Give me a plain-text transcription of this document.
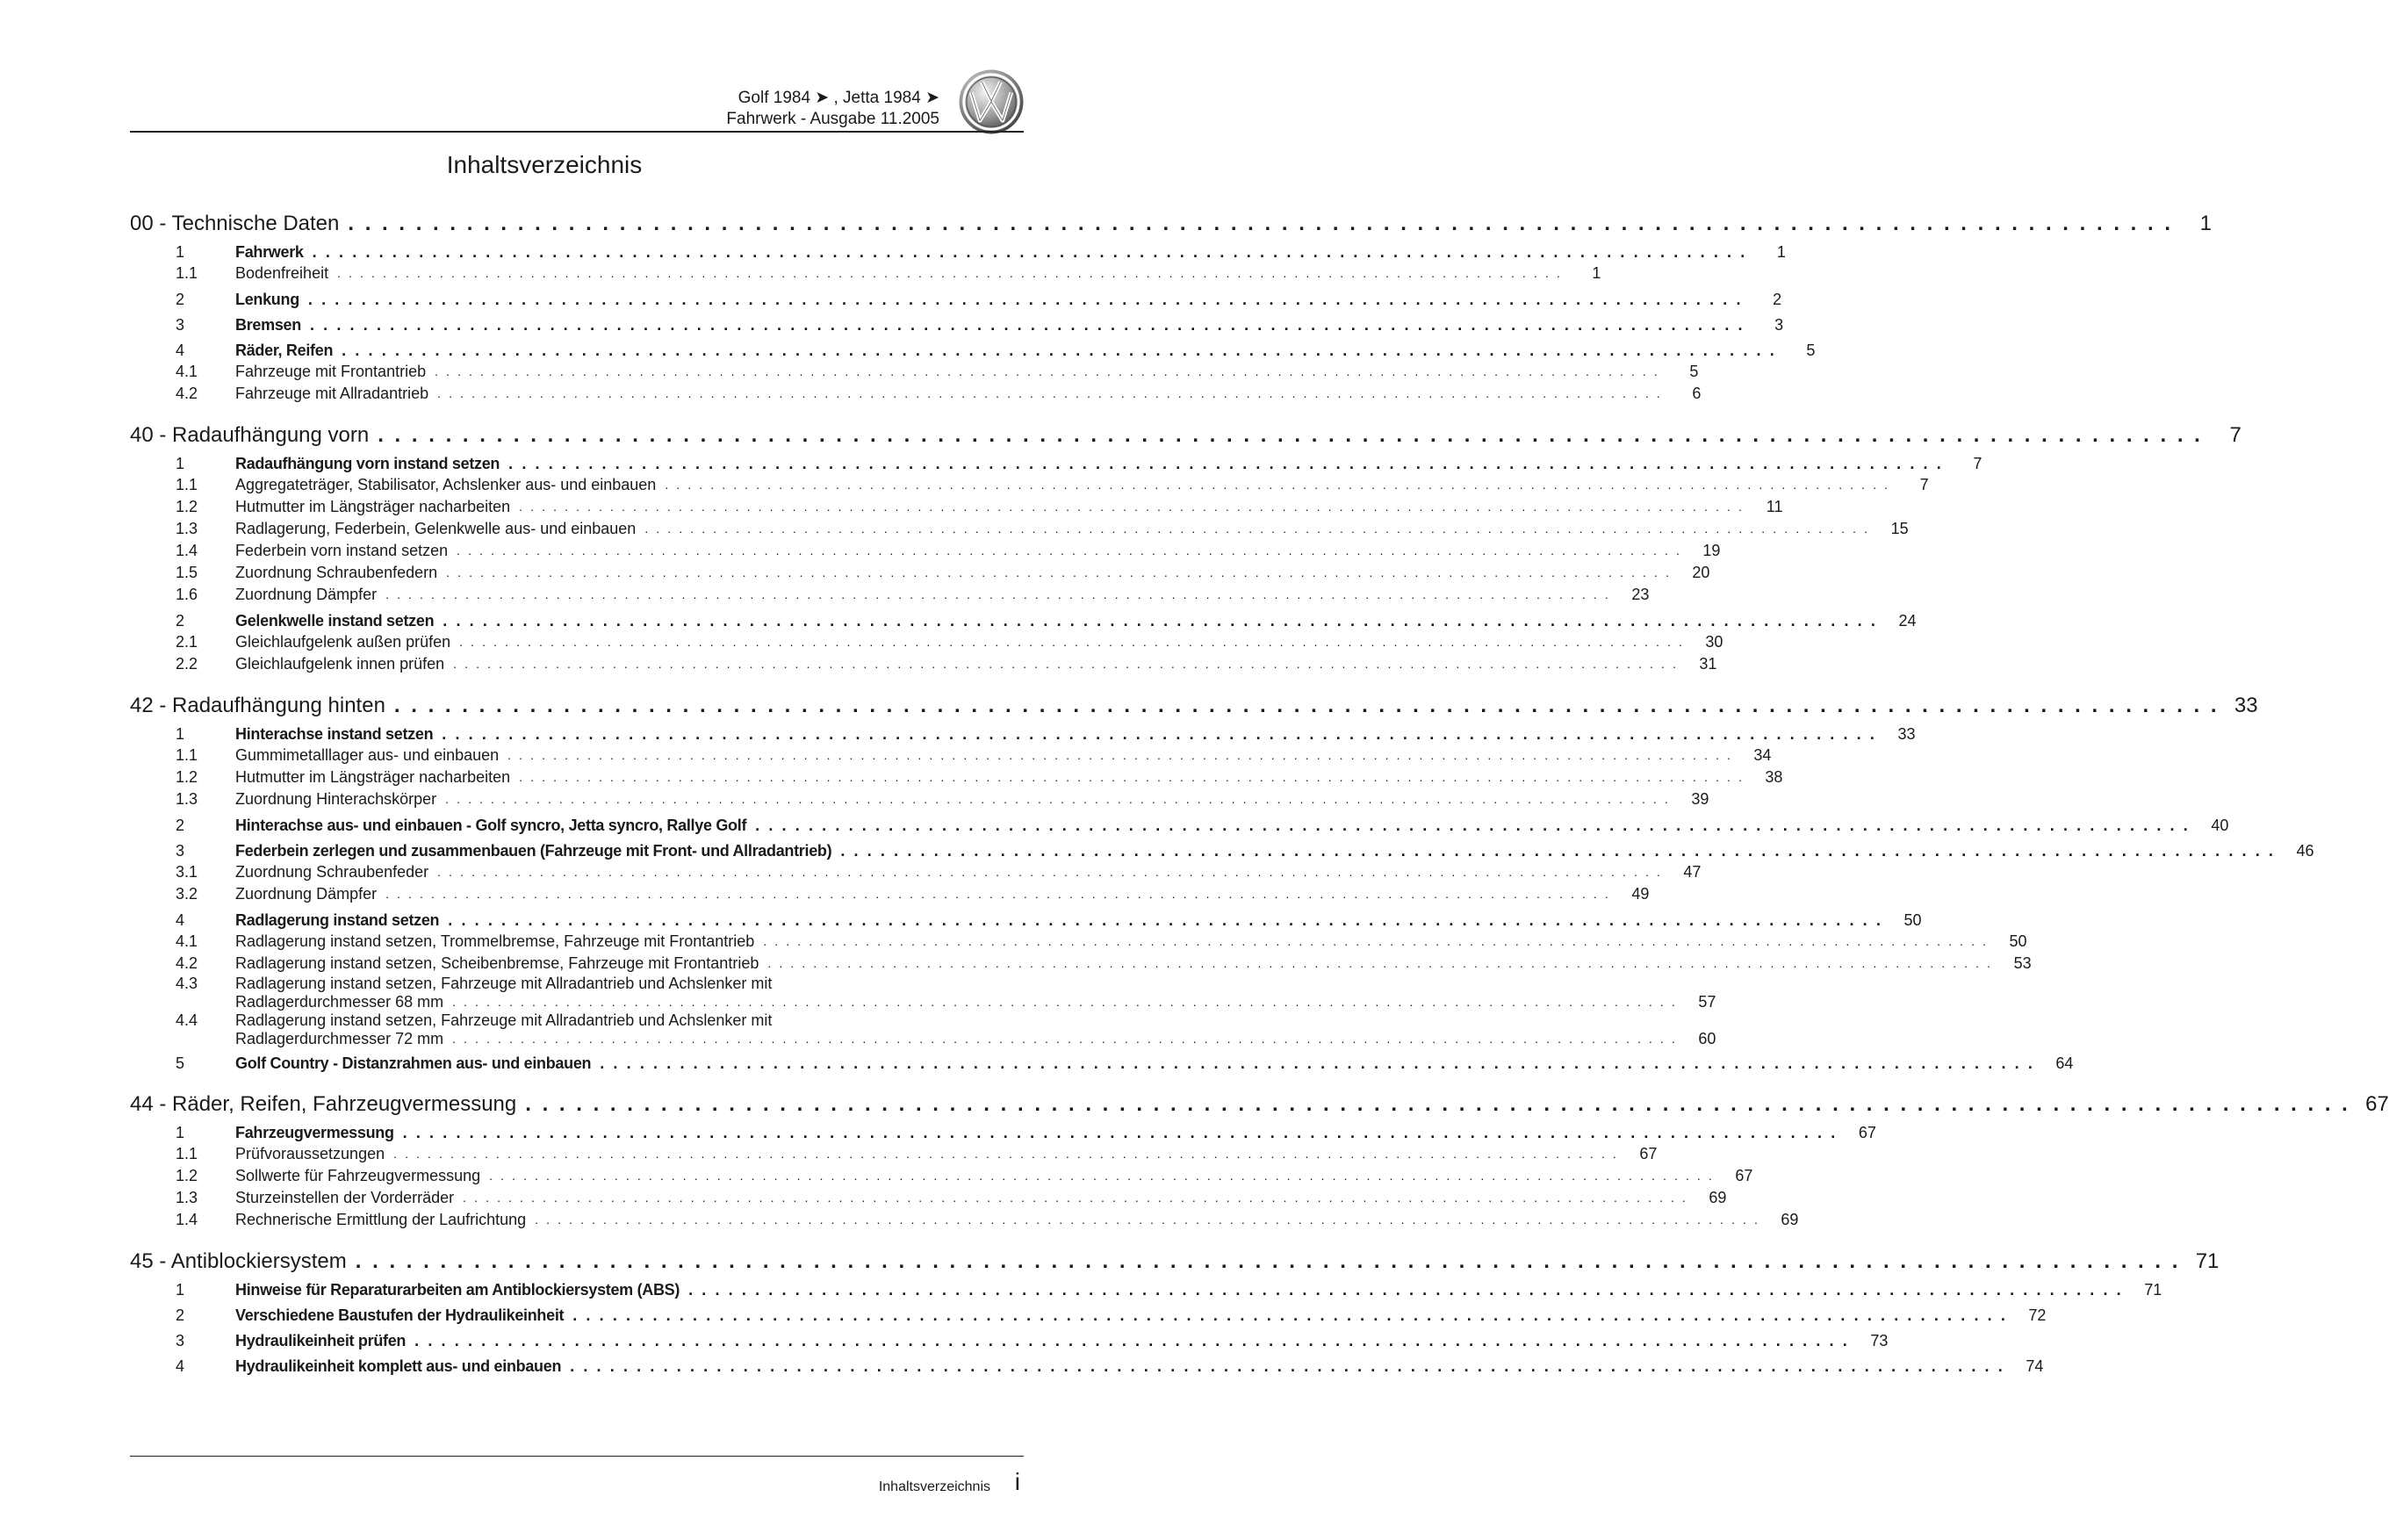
Golf 1984 ➤ , Jetta 1984 ➤
Fahrwerk - Ausgabe 11.2005
Inhaltsverzeichnis
00 - Technische Daten . . . . . . . . . . . . . . . . . . . . . . . . . . . . . . . . . . . . . . . . . . . . . . . . . . . . . . . . . . . . . . . . . . . . . . . . . . . . . . . . . . . . . . . . . . . . . . . . . . . . . . . . . . . .	1
1	Fahrwerk . . . . . . . . . . . . . . . . . . . . . . . . . . . . . . . . . . . . . . . . . . . . . . . . . . . . . . . . . . . . . . . . . . . . . . . . . . . . . . . . . . . . . . . . . . . . . . . . . . . . . . . . . . . .	1
1.1	Bodenfreiheit . . . . . . . . . . . . . . . . . . . . . . . . . . . . . . . . . . . . . . . . . . . . . . . . . . . . . . . . . . . . . . . . . . . . . . . . . . . . . . . . . . . . . . . . . . . . . . . . . . . . . . . . . . . .	1
2	Lenkung . . . . . . . . . . . . . . . . . . . . . . . . . . . . . . . . . . . . . . . . . . . . . . . . . . . . . . . . . . . . . . . . . . . . . . . . . . . . . . . . . . . . . . . . . . . . . . . . . . . . . . . . . . . .	2
3	Bremsen . . . . . . . . . . . . . . . . . . . . . . . . . . . . . . . . . . . . . . . . . . . . . . . . . . . . . . . . . . . . . . . . . . . . . . . . . . . . . . . . . . . . . . . . . . . . . . . . . . . . . . . . . . . .	3
4	Räder, Reifen . . . . . . . . . . . . . . . . . . . . . . . . . . . . . . . . . . . . . . . . . . . . . . . . . . . . . . . . . . . . . . . . . . . . . . . . . . . . . . . . . . . . . . . . . . . . . . . . . . . . . . . . . . . .	5
4.1	Fahrzeuge mit Frontantrieb . . . . . . . . . . . . . . . . . . . . . . . . . . . . . . . . . . . . . . . . . . . . . . . . . . . . . . . . . . . . . . . . . . . . . . . . . . . . . . . . . . . . . . . . . . . . . . . . . . . . . . . . . . . .	5
4.2	Fahrzeuge mit Allradantrieb . . . . . . . . . . . . . . . . . . . . . . . . . . . . . . . . . . . . . . . . . . . . . . . . . . . . . . . . . . . . . . . . . . . . . . . . . . . . . . . . . . . . . . . . . . . . . . . . . . . . . . . . . . . .	6
40 - Radaufhängung vorn . . . . . . . . . . . . . . . . . . . . . . . . . . . . . . . . . . . . . . . . . . . . . . . . . . . . . . . . . . . . . . . . . . . . . . . . . . . . . . . . . . . . . . . . . . . . . . . . . . . . . . . . . . . .	7
1	Radaufhängung vorn instand setzen . . . . . . . . . . . . . . . . . . . . . . . . . . . . . . . . . . . . . . . . . . . . . . . . . . . . . . . . . . . . . . . . . . . . . . . . . . . . . . . . . . . . . . . . . . . . . . . . . . . . . . . . . . . .	7
1.1	Aggregateträger, Stabilisator, Achslenker aus- und einbauen . . . . . . . . . . . . . . . . . . . . . . . . . . . . . . . . . . . . . . . . . . . . . . . . . . . . . . . . . . . . . . . . . . . . . . . . . . . . . . . . . . . . . . . . . . . . . . . . . . . . . . . . . . . .	7
1.2	Hutmutter im Längsträger nacharbeiten . . . . . . . . . . . . . . . . . . . . . . . . . . . . . . . . . . . . . . . . . . . . . . . . . . . . . . . . . . . . . . . . . . . . . . . . . . . . . . . . . . . . . . . . . . . . . . . . . . . . . . . . . . . .	11
1.3	Radlagerung, Federbein, Gelenkwelle aus- und einbauen . . . . . . . . . . . . . . . . . . . . . . . . . . . . . . . . . . . . . . . . . . . . . . . . . . . . . . . . . . . . . . . . . . . . . . . . . . . . . . . . . . . . . . . . . . . . . . . . . . . . . . . . . . . .	15
1.4	Federbein vorn instand setzen . . . . . . . . . . . . . . . . . . . . . . . . . . . . . . . . . . . . . . . . . . . . . . . . . . . . . . . . . . . . . . . . . . . . . . . . . . . . . . . . . . . . . . . . . . . . . . . . . . . . . . . . . . . .	19
1.5	Zuordnung Schraubenfedern . . . . . . . . . . . . . . . . . . . . . . . . . . . . . . . . . . . . . . . . . . . . . . . . . . . . . . . . . . . . . . . . . . . . . . . . . . . . . . . . . . . . . . . . . . . . . . . . . . . . . . . . . . . .	20
1.6	Zuordnung Dämpfer . . . . . . . . . . . . . . . . . . . . . . . . . . . . . . . . . . . . . . . . . . . . . . . . . . . . . . . . . . . . . . . . . . . . . . . . . . . . . . . . . . . . . . . . . . . . . . . . . . . . . . . . . . . .	23
2	Gelenkwelle instand setzen . . . . . . . . . . . . . . . . . . . . . . . . . . . . . . . . . . . . . . . . . . . . . . . . . . . . . . . . . . . . . . . . . . . . . . . . . . . . . . . . . . . . . . . . . . . . . . . . . . . . . . . . . . . .	24
2.1	Gleichlaufgelenk außen prüfen . . . . . . . . . . . . . . . . . . . . . . . . . . . . . . . . . . . . . . . . . . . . . . . . . . . . . . . . . . . . . . . . . . . . . . . . . . . . . . . . . . . . . . . . . . . . . . . . . . . . . . . . . . . .	30
2.2	Gleichlaufgelenk innen prüfen . . . . . . . . . . . . . . . . . . . . . . . . . . . . . . . . . . . . . . . . . . . . . . . . . . . . . . . . . . . . . . . . . . . . . . . . . . . . . . . . . . . . . . . . . . . . . . . . . . . . . . . . . . . .	31
42 - Radaufhängung hinten . . . . . . . . . . . . . . . . . . . . . . . . . . . . . . . . . . . . . . . . . . . . . . . . . . . . . . . . . . . . . . . . . . . . . . . . . . . . . . . . . . . . . . . . . . . . . . . . . . . . . . . . . . . . 33
1	Hinterachse instand setzen . . . . . . . . . . . . . . . . . . . . . . . . . . . . . . . . . . . . . . . . . . . . . . . . . . . . . . . . . . . . . . . . . . . . . . . . . . . . . . . . . . . . . . . . . . . . . . . . . . . . . . . . . . . .	33
1.1	Gummimetalllager aus- und einbauen . . . . . . . . . . . . . . . . . . . . . . . . . . . . . . . . . . . . . . . . . . . . . . . . . . . . . . . . . . . . . . . . . . . . . . . . . . . . . . . . . . . . . . . . . . . . . . . . . . . . . . . . . . . .	34
1.2	Hutmutter im Längsträger nacharbeiten . . . . . . . . . . . . . . . . . . . . . . . . . . . . . . . . . . . . . . . . . . . . . . . . . . . . . . . . . . . . . . . . . . . . . . . . . . . . . . . . . . . . . . . . . . . . . . . . . . . . . . . . . . . .	38
1.3	Zuordnung Hinterachskörper . . . . . . . . . . . . . . . . . . . . . . . . . . . . . . . . . . . . . . . . . . . . . . . . . . . . . . . . . . . . . . . . . . . . . . . . . . . . . . . . . . . . . . . . . . . . . . . . . . . . . . . . . . . .	39
2	Hinterachse aus- und einbauen - Golf syncro, Jetta syncro, Rallye Golf . . . . . . . . . . . . . . . . . . . . . . . . . . . . . . . . . . . . . . . . . . . . . . . . . . . . . . . . . . . . . . . . . . . . . . . . . . . . . . . . . . . . . . . . . . . . . . . . . . . . . . . . . . . .	40
3	Federbein zerlegen und zusammenbauen (Fahrzeuge mit Front- und Allradantrieb) . . . . . . . . . . . . . . . . . . . . . . . . . . . . . . . . . . . . . . . . . . . . . . . . . . . . . . . . . . . . . . . . . . . . . . . . . . . . . . . . . . . . . . . . . . . . . . . . . . . . . . . . . . . .	46
3.1	Zuordnung Schraubenfeder . . . . . . . . . . . . . . . . . . . . . . . . . . . . . . . . . . . . . . . . . . . . . . . . . . . . . . . . . . . . . . . . . . . . . . . . . . . . . . . . . . . . . . . . . . . . . . . . . . . . . . . . . . . .	47
3.2	Zuordnung Dämpfer . . . . . . . . . . . . . . . . . . . . . . . . . . . . . . . . . . . . . . . . . . . . . . . . . . . . . . . . . . . . . . . . . . . . . . . . . . . . . . . . . . . . . . . . . . . . . . . . . . . . . . . . . . . .	49
4	Radlagerung instand setzen . . . . . . . . . . . . . . . . . . . . . . . . . . . . . . . . . . . . . . . . . . . . . . . . . . . . . . . . . . . . . . . . . . . . . . . . . . . . . . . . . . . . . . . . . . . . . . . . . . . . . . . . . . . .	50
4.1	Radlagerung instand setzen, Trommelbremse, Fahrzeuge mit Frontantrieb . . . . . . . . . . . . . . . . . . . . . . . . . . . . . . . . . . . . . . . . . . . . . . . . . . . . . . . . . . . . . . . . . . . . . . . . . . . . . . . . . . . . . . . . . . . . . . . . . . . . . . . . . . . .	50
4.2	Radlagerung instand setzen, Scheibenbremse, Fahrzeuge mit Frontantrieb . . . . . . . . . . . . . . . . . . . . . . . . . . . . . . . . . . . . . . . . . . . . . . . . . . . . . . . . . . . . . . . . . . . . . . . . . . . . . . . . . . . . . . . . . . . . . . . . . . . . . . . . . . . .	53
4.3	Radlagerung instand setzen, Fahrzeuge mit Allradantrieb und Achslenker mit
Radlagerdurchmesser 68 mm . . . . . . . . . . . . . . . . . . . . . . . . . . . . . . . . . . . . . . . . . . . . . . . . . . . . . . . . . . . . . . . . . . . . . . . . . . . . . . . . . . . . . . . . . . . . . . . . . . . . . . . . . . . .	57
4.4	Radlagerung instand setzen, Fahrzeuge mit Allradantrieb und Achslenker mit
Radlagerdurchmesser 72 mm . . . . . . . . . . . . . . . . . . . . . . . . . . . . . . . . . . . . . . . . . . . . . . . . . . . . . . . . . . . . . . . . . . . . . . . . . . . . . . . . . . . . . . . . . . . . . . . . . . . . . . . . . . . .	60
5	Golf Country - Distanzrahmen aus- und einbauen . . . . . . . . . . . . . . . . . . . . . . . . . . . . . . . . . . . . . . . . . . . . . . . . . . . . . . . . . . . . . . . . . . . . . . . . . . . . . . . . . . . . . . . . . . . . . . . . . . . . . . . . . . . .	64
44 - Räder, Reifen, Fahrzeugvermessung . . . . . . . . . . . . . . . . . . . . . . . . . . . . . . . . . . . . . . . . . . . . . . . . . . . . . . . . . . . . . . . . . . . . . . . . . . . . . . . . . . . . . . . . . . . . . . . . . . . . . . . . . . . . 67
1	Fahrzeugvermessung . . . . . . . . . . . . . . . . . . . . . . . . . . . . . . . . . . . . . . . . . . . . . . . . . . . . . . . . . . . . . . . . . . . . . . . . . . . . . . . . . . . . . . . . . . . . . . . . . . . . . . . . . . . .	67
1.1	Prüfvoraussetzungen . . . . . . . . . . . . . . . . . . . . . . . . . . . . . . . . . . . . . . . . . . . . . . . . . . . . . . . . . . . . . . . . . . . . . . . . . . . . . . . . . . . . . . . . . . . . . . . . . . . . . . . . . . . .	67
1.2	Sollwerte für Fahrzeugvermessung . . . . . . . . . . . . . . . . . . . . . . . . . . . . . . . . . . . . . . . . . . . . . . . . . . . . . . . . . . . . . . . . . . . . . . . . . . . . . . . . . . . . . . . . . . . . . . . . . . . . . . . . . . . .	67
1.3	Sturzeinstellen der Vorderräder . . . . . . . . . . . . . . . . . . . . . . . . . . . . . . . . . . . . . . . . . . . . . . . . . . . . . . . . . . . . . . . . . . . . . . . . . . . . . . . . . . . . . . . . . . . . . . . . . . . . . . . . . . . .	69
1.4	Rechnerische Ermittlung der Laufrichtung . . . . . . . . . . . . . . . . . . . . . . . . . . . . . . . . . . . . . . . . . . . . . . . . . . . . . . . . . . . . . . . . . . . . . . . . . . . . . . . . . . . . . . . . . . . . . . . . . . . . . . . . . . . .	69
45 - Antiblockiersystem . . . . . . . . . . . . . . . . . . . . . . . . . . . . . . . . . . . . . . . . . . . . . . . . . . . . . . . . . . . . . . . . . . . . . . . . . . . . . . . . . . . . . . . . . . . . . . . . . . . . . . . . . . . . 71
1	Hinweise für Reparaturarbeiten am Antiblockiersystem (ABS) . . . . . . . . . . . . . . . . . . . . . . . . . . . . . . . . . . . . . . . . . . . . . . . . . . . . . . . . . . . . . . . . . . . . . . . . . . . . . . . . . . . . . . . . . . . . . . . . . . . . . . . . . . . .	71
2	Verschiedene Baustufen der Hydraulikeinheit . . . . . . . . . . . . . . . . . . . . . . . . . . . . . . . . . . . . . . . . . . . . . . . . . . . . . . . . . . . . . . . . . . . . . . . . . . . . . . . . . . . . . . . . . . . . . . . . . . . . . . . . . . . .	72
3	Hydraulikeinheit prüfen . . . . . . . . . . . . . . . . . . . . . . . . . . . . . . . . . . . . . . . . . . . . . . . . . . . . . . . . . . . . . . . . . . . . . . . . . . . . . . . . . . . . . . . . . . . . . . . . . . . . . . . . . . . .	73
4	Hydraulikeinheit komplett aus- und einbauen . . . . . . . . . . . . . . . . . . . . . . . . . . . . . . . . . . . . . . . . . . . . . . . . . . . . . . . . . . . . . . . . . . . . . . . . . . . . . . . . . . . . . . . . . . . . . . . . . . . . . . . . . . . .	74
Inhaltsverzeichnis i
